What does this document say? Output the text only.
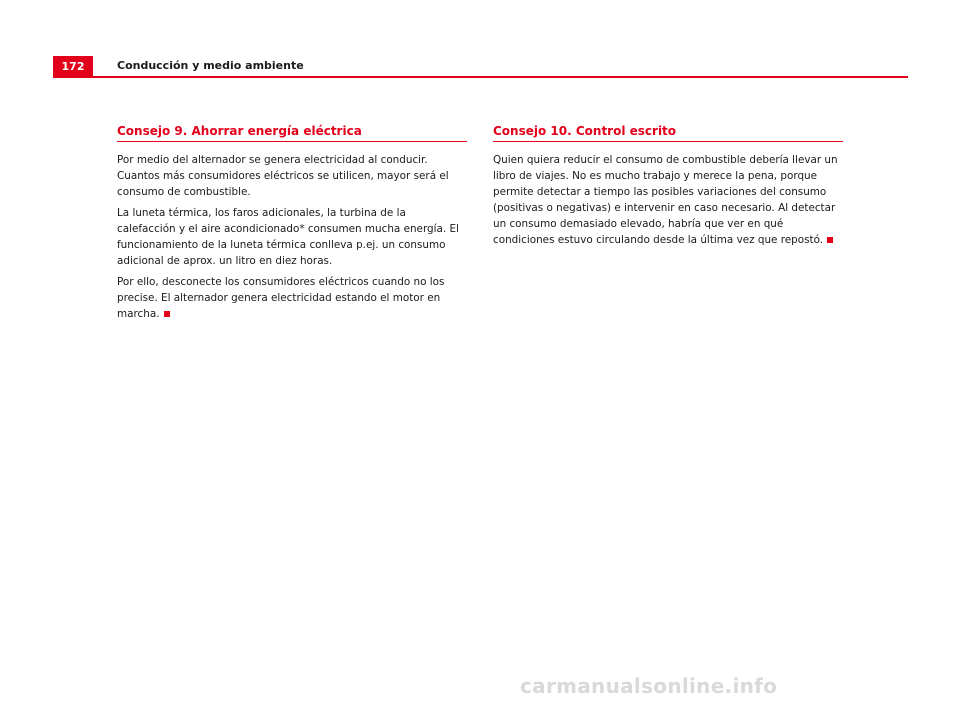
172	Conducción y medio ambiente
Consejo 9. Ahorrar energía eléctrica

Por medio del alternador se genera electricidad al conducir. Cuantos más consumidores eléctricos se utilicen, mayor será el consumo de combustible.

La luneta térmica, los faros adicionales, la turbina de la calefacción y el aire acondicionado* consumen mucha energía. El funcionamiento de la luneta térmica conlleva p.ej. un consumo adicional de aprox. un litro en diez horas.

Por ello, desconecte los consumidores eléctricos cuando no los precise. El alternador genera electricidad estando el motor en marcha.

Consejo 10. Control escrito

Quien quiera reducir el consumo de combustible debería llevar un libro de viajes. No es mucho trabajo y merece la pena, porque permite detectar a tiempo las posibles variaciones del consumo (positivas o negativas) e intervenir en caso necesario. Al detectar un consumo demasiado elevado, habría que ver en qué condiciones estuvo circulando desde la última vez que repostó.

carmanualsonline.info
